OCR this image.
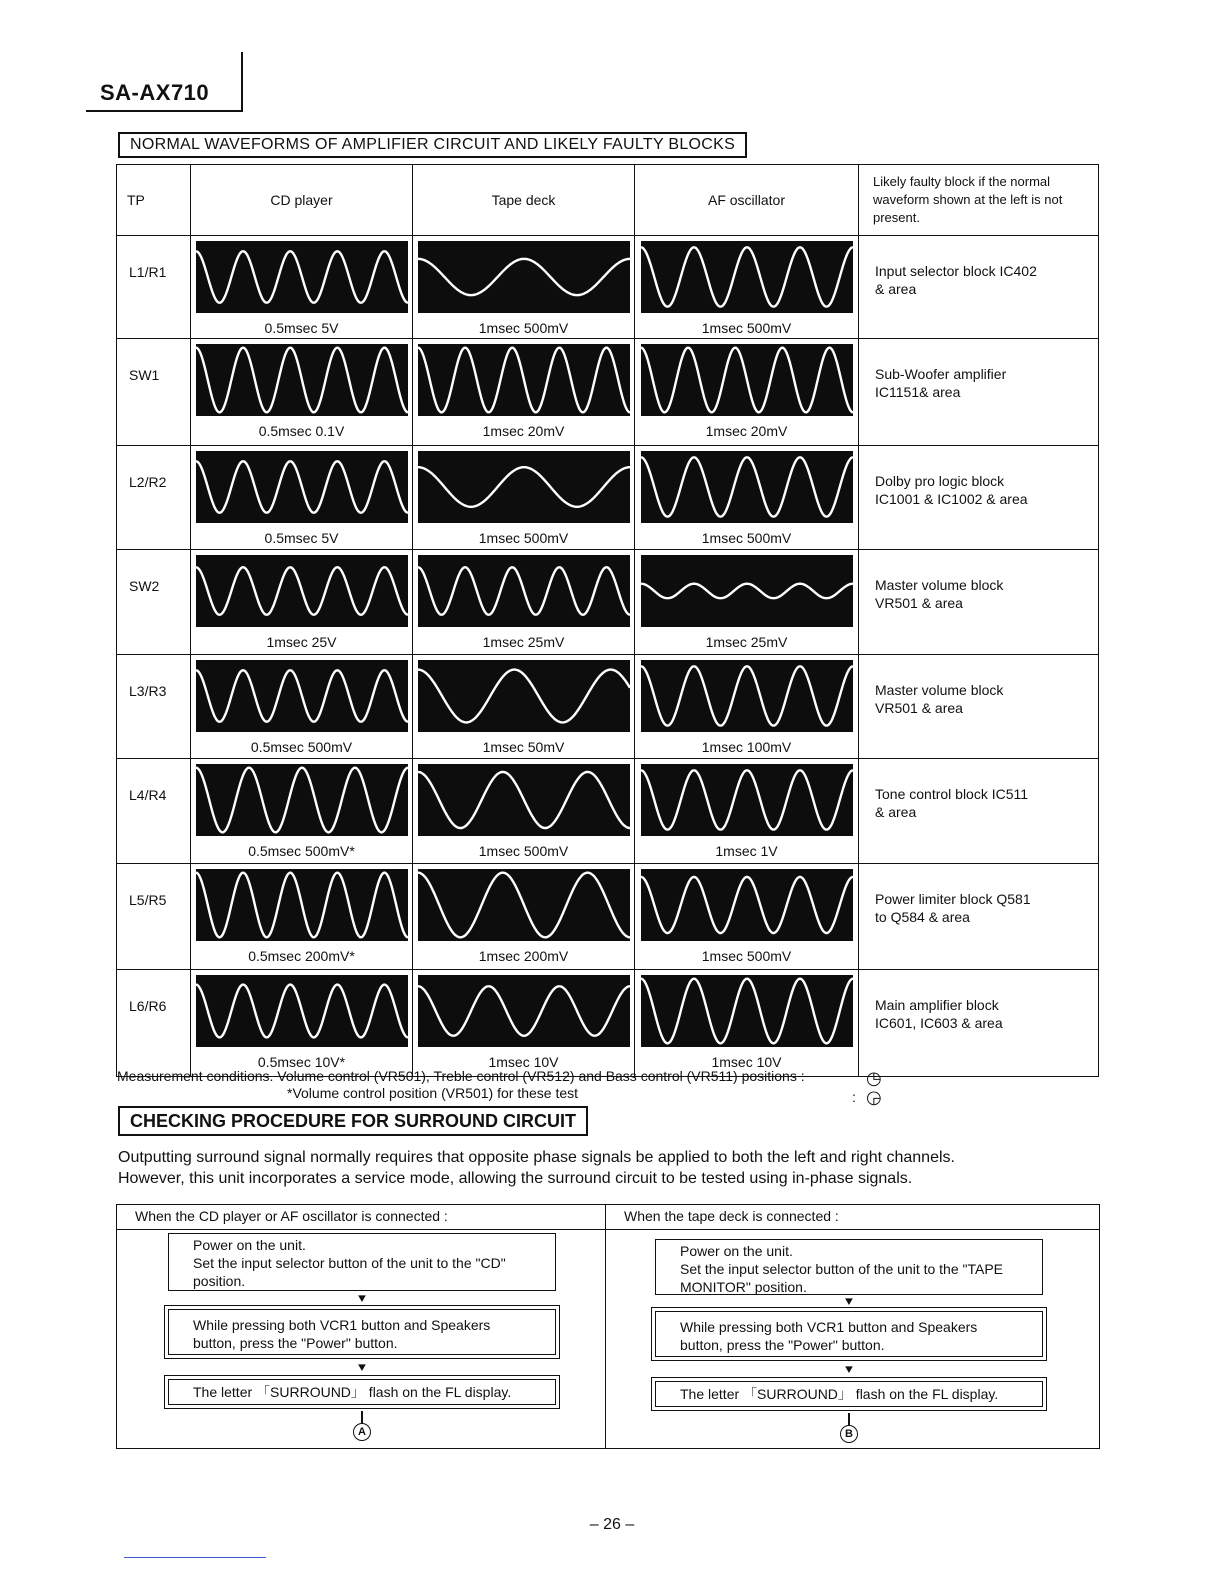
SA-AX710
NORMAL WAVEFORMS OF AMPLIFIER CIRCUIT AND LIKELY FAULTY BLOCKS
TP	CD player	Tape deck	AF oscillator	Likely faulty block if the normal waveform shown at the left is not present.
L1/R1	0.5msec 5V	1msec 500mV	1msec 500mV	Input selector block IC402
& area

SW1	0.5msec 0.1V	1msec 20mV	1msec 20mV	Sub-Woofer amplifier
IC1151& area

L2/R2	0.5msec 5V	1msec 500mV	1msec 500mV	Dolby pro logic block
IC1001 & IC1002 & area

SW2	1msec 25V	1msec 25mV	1msec 25mV	Master volume block
VR501 & area

L3/R3	0.5msec 500mV	1msec 50mV	1msec 100mV	Master volume block
VR501 & area

L4/R4	0.5msec 500mV*	1msec 500mV	1msec 1V	Tone control block IC511
& area

L5/R5	0.5msec 200mV*	1msec 200mV	1msec 500mV	Power limiter block Q581
to Q584 & area

L6/R6	0.5msec 10V*	1msec 10V	1msec 10V	Main amplifier block
IC601, IC603 & area
Measurement conditions. Volume control (VR501), Treble control (VR512) and Bass control (VR511) positions :
*Volume control position (VR501) for these test
◷
: ◶
CHECKING PROCEDURE FOR SURROUND CIRCUIT
Outputting surround signal normally requires that opposite phase signals be applied to both the left and right channels.
However, this unit incorporates a service mode, allowing the surround circuit to be tested using in-phase signals.
When the CD player or AF oscillator is connected :
Power on the unit.
Set the input selector button of the unit to the "CD"
position.
⯆
While pressing both VCR1 button and Speakers
button, press the "Power" button.
⯆
The letter 「SURROUND」 flash on the FL display.
A
When the tape deck is connected :
Power on the unit.
Set the input selector button of the unit to the "TAPE
MONITOR" position.
⯆
While pressing both VCR1 button and Speakers
button, press the "Power" button.
⯆
The letter 「SURROUND」 flash on the FL display.
B
– 26 –
